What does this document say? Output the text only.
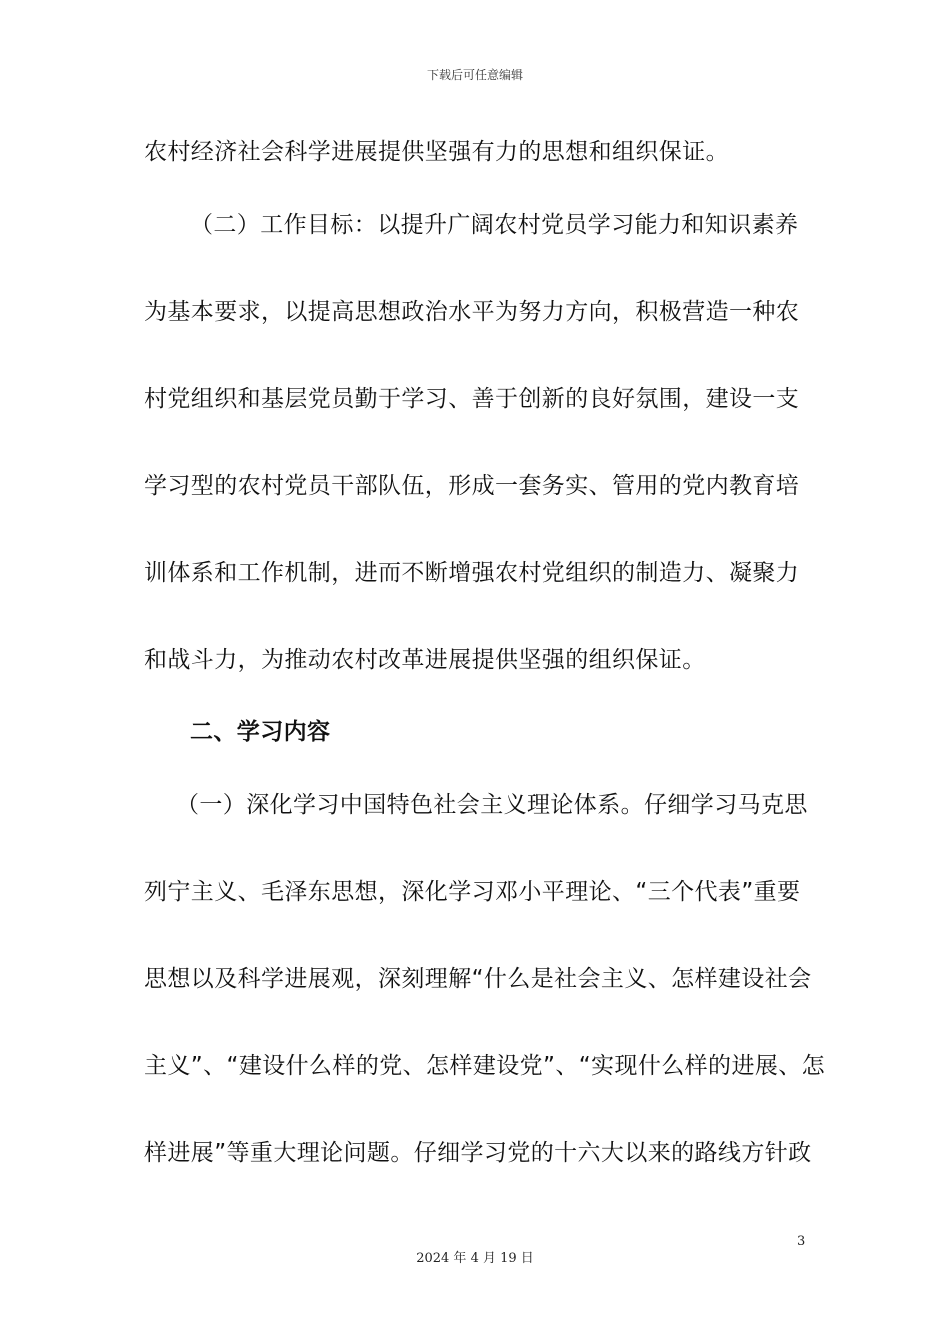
下载后可任意编辑
农村经济社会科学进展提供坚强有力的思想和组织保证。
（二）工作目标：以提升广阔农村党员学习能力和知识素养
为基本要求，以提高思想政治水平为努力方向，积极营造一种农
村党组织和基层党员勤于学习、善于创新的良好氛围，建设一支
学习型的农村党员干部队伍，形成一套务实、管用的党内教育培
训体系和工作机制，进而不断增强农村党组织的制造力、凝聚力
和战斗力，为推动农村改革进展提供坚强的组织保证。
二、学习内容
（一）深化学习中国特色社会主义理论体系。仔细学习马克思
列宁主义、毛泽东思想，深化学习邓小平理论、“三个代表”重要
思想以及科学进展观，深刻理解“什么是社会主义、怎样建设社会
主义”、“建设什么样的党、怎样建设党”、“实现什么样的进展、怎
样进展”等重大理论问题。仔细学习党的十六大以来的路线方针政
3
2024 年 4 月 19 日
